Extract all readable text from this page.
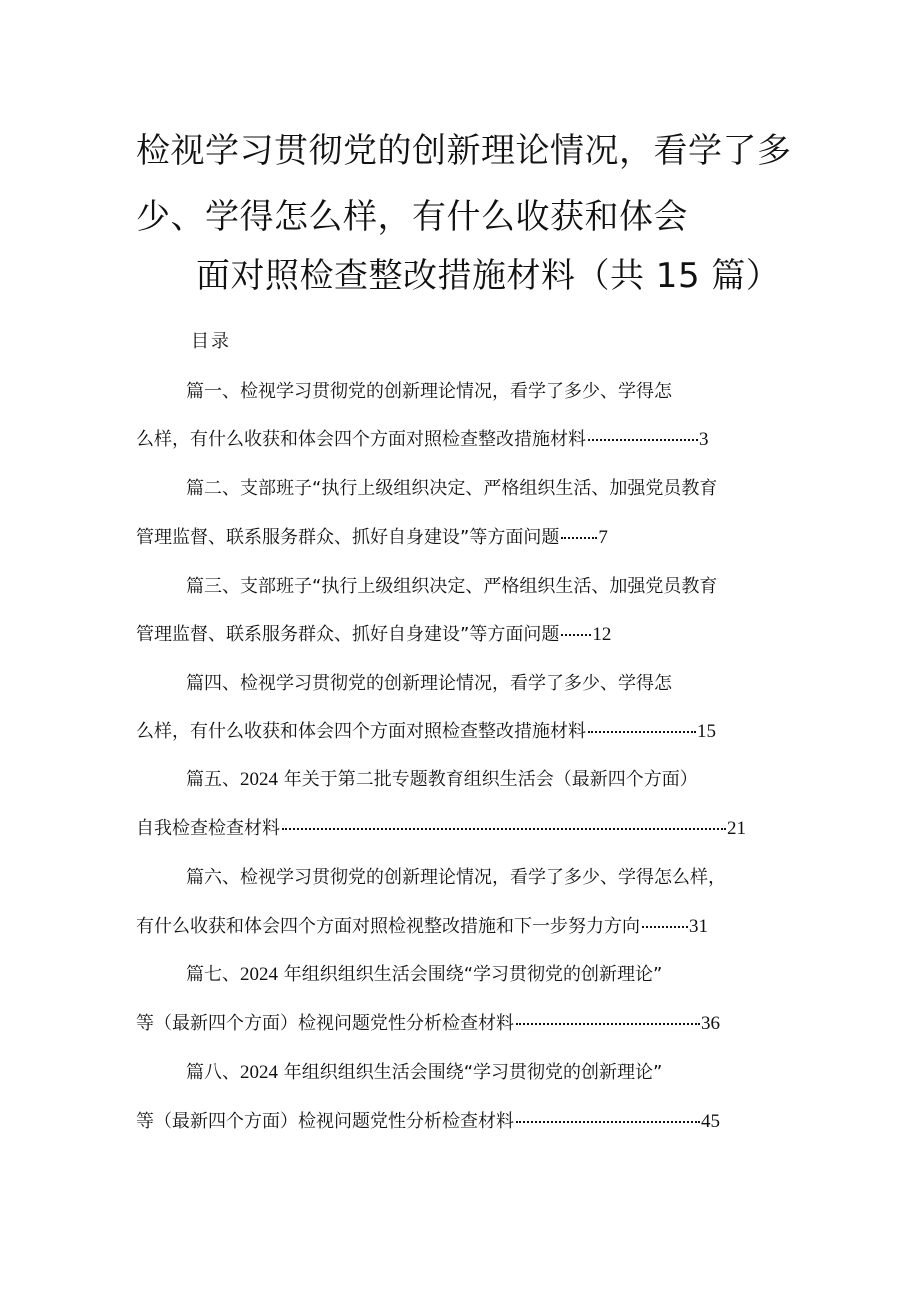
检视学习贯彻党的创新理论情况，看学了多
少、学得怎么样，有什么收获和体会
面对照检查整改措施材料（共 15 篇）
目录
篇一、检视学习贯彻党的创新理论情况，看学了多少、学得怎
么样，有什么收获和体会四个方面对照检查整改措施材料	3
篇二、支部班子“执行上级组织决定、严格组织生活、加强党员教育
管理监督、联系服务群众、抓好自身建设”等方面问题 7
篇三、支部班子“执行上级组织决定、严格组织生活、加强党员教育
管理监督、联系服务群众、抓好自身建设”等方面问题 12
篇四、检视学习贯彻党的创新理论情况，看学了多少、学得怎
么样，有什么收获和体会四个方面对照检查整改措施材料	15
篇五、2024 年关于第二批专题教育组织生活会（最新四个方面）
自我检查检查材料	21
篇六、检视学习贯彻党的创新理论情况，看学了多少、学得怎么样，
有什么收获和体会四个方面对照检视整改措施和下一步努力方向	31
篇七、2024 年组织组织生活会围绕“学习贯彻党的创新理论”
等（最新四个方面）检视问题党性分析检查材料	36
篇八、2024 年组织组织生活会围绕“学习贯彻党的创新理论”
等（最新四个方面）检视问题党性分析检查材料	45
